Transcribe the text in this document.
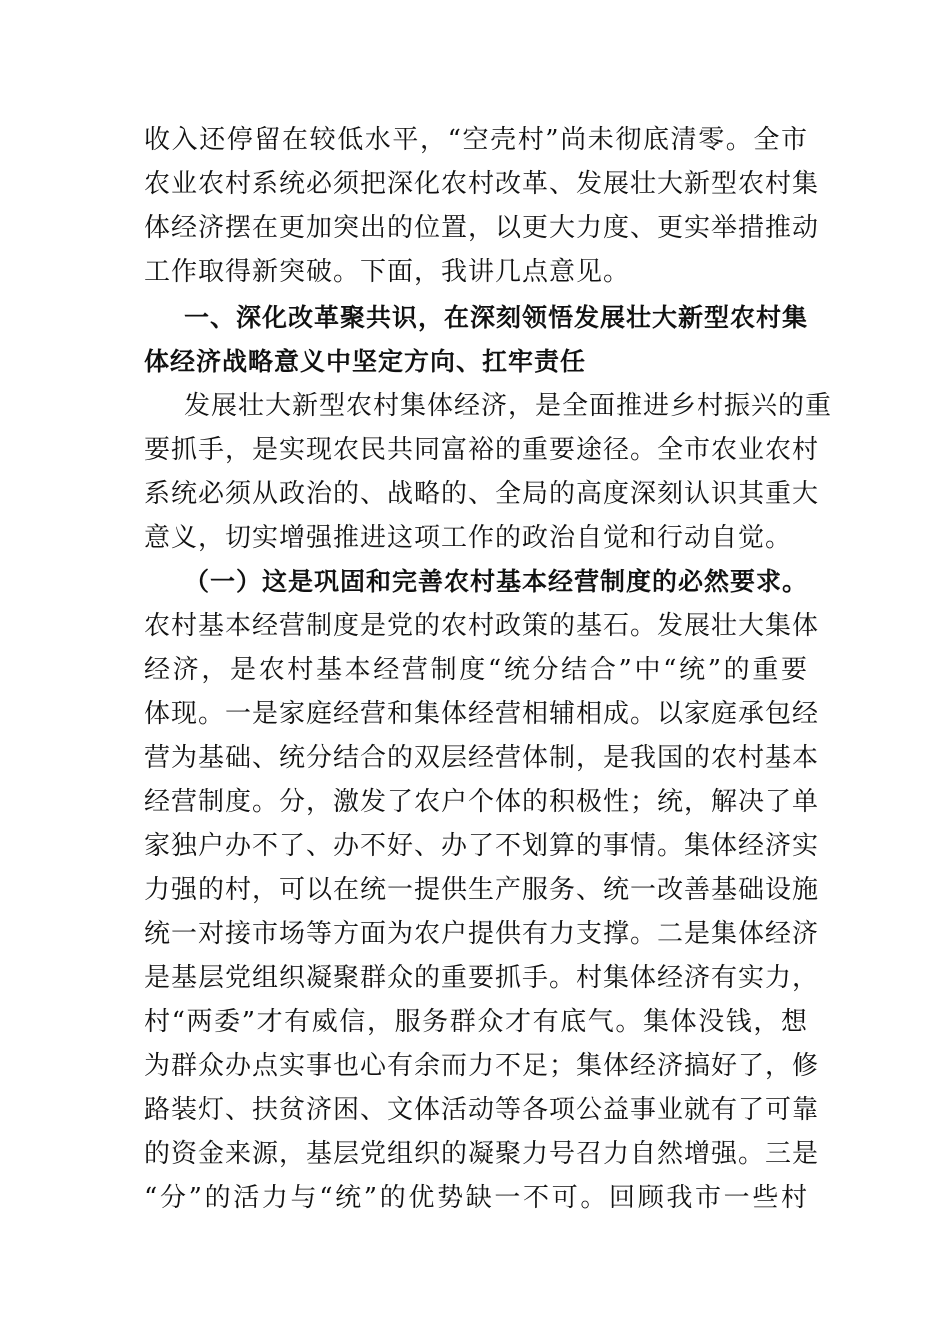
收入还停留在较低水平，“空壳村”尚未彻底清零。全市
农业农村系统必须把深化农村改革、发展壮大新型农村集
体经济摆在更加突出的位置，以更大力度、更实举措推动
工作取得新突破。下面，我讲几点意见。
一、深化改革聚共识，在深刻领悟发展壮大新型农村集
体经济战略意义中坚定方向、扛牢责任
发展壮大新型农村集体经济，是全面推进乡村振兴的重
要抓手，是实现农民共同富裕的重要途径。全市农业农村
系统必须从政治的、战略的、全局的高度深刻认识其重大
意义，切实增强推进这项工作的政治自觉和行动自觉。
（一）这是巩固和完善农村基本经营制度的必然要求。
农村基本经营制度是党的农村政策的基石。发展壮大集体
经济，是农村基本经营制度“统分结合”中“统”的重要
体现。一是家庭经营和集体经营相辅相成。以家庭承包经
营为基础、统分结合的双层经营体制，是我国的农村基本
经营制度。分，激发了农户个体的积极性；统，解决了单
家独户办不了、办不好、办了不划算的事情。集体经济实
力强的村，可以在统一提供生产服务、统一改善基础设施
统一对接市场等方面为农户提供有力支撑。二是集体经济
是基层党组织凝聚群众的重要抓手。村集体经济有实力，
村“两委”才有威信，服务群众才有底气。集体没钱，想
为群众办点实事也心有余而力不足；集体经济搞好了，修
路装灯、扶贫济困、文体活动等各项公益事业就有了可靠
的资金来源，基层党组织的凝聚力号召力自然增强。三是
“分”的活力与“统”的优势缺一不可。回顾我市一些村
